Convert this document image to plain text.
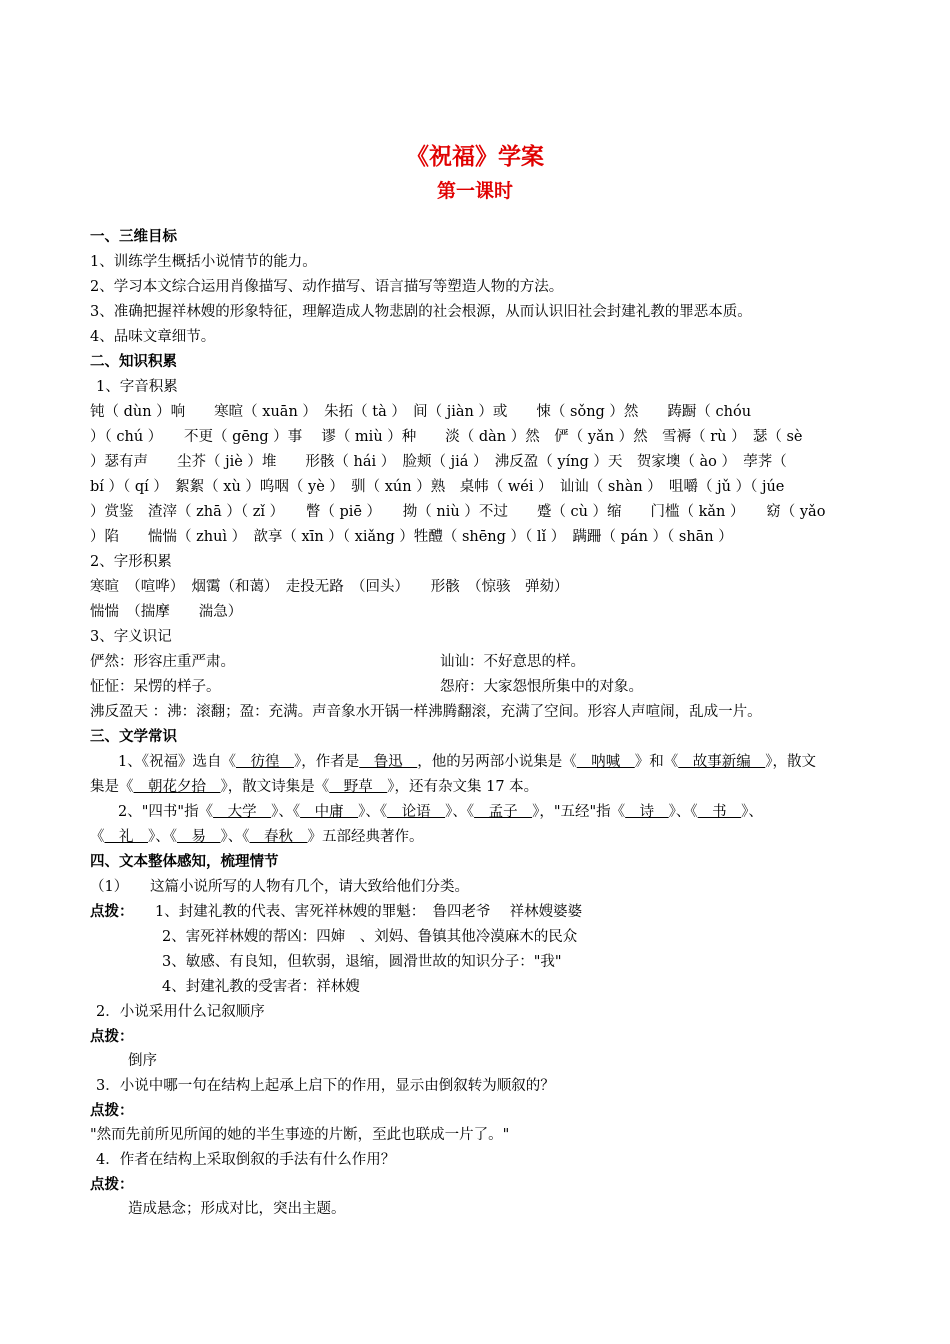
《祝福》学案
第一课时
一、三维目标
1、训练学生概括小说情节的能力。
2、学习本文综合运用肖像描写、动作描写、语言描写等塑造人物的方法。
3、准确把握祥林嫂的形象特征，理解造成人物悲剧的社会根源，从而认识旧社会封建礼教的罪恶本质。
4、品味文章细节。
二、知识积累
1、字音积累
钝（ dùn ）响　　寒暄（ xuān ）　朱拓（ tà ）　间（ jiàn ）或　　悚（ sǒng ）然　　踌蹰（ chóu
）（ chú ）　　不更（ gēng ）事　 谬（ miù ）种　　淡（ dàn ）然　俨（ yǎn ）然　雪褥（ rù ）　瑟（ sè
）瑟有声　　尘芥（ jiè ）堆　　形骸（ hái ）　脸颊（ jiá ）　沸反盈（ yíng ）天　贺家墺（ ào ）　荸荠（
bí ）（ qí ）　絮絮（ xù ）呜咽（ yè ）　驯（ xún ）熟　桌帏（ wéi ）　讪讪（ shàn ）　咀嚼（ jǔ ）（ júe
）赏鉴　渣滓（ zhā ）（ zǐ ）　　瞥（ piē ）　　拗（ niù ）不过　　蹙（ cù ）缩　　门槛（ kǎn ）　　窈（ yǎo
）陷　　惴惴（ zhuì ）　歆享（ xīn ）（ xiǎng ）牲醴（ shēng ）（ lǐ ）　蹒跚（ pán ）（ shān ）
2、字形积累
寒暄　（喧哗）　烟霭（和蔼）　走投无路　（回头）　　形骸　（惊骇　弹劾）
惴惴　（揣摩　　湍急）
3、字义识记
俨然：形容庄重严肃。	讪讪：不好意思的样。
怔怔：呆愣的样子。	怨府：大家怨恨所集中的对象。
沸反盈天 ：沸：滚翻；盈：充满。声音象水开锅一样沸腾翻滚，充满了空间。形容人声喧闹，乱成一片。
三、文学常识
1、《祝福》选自《　彷徨　》，作者是　鲁迅　，他的另两部小说集是《　呐喊　》和《　故事新编　》，散文
集是《　朝花夕拾　》，散文诗集是《　野草　》，还有杂文集 17 本。
2、"四书"指《　大学　》、《　中庸　》、《　论语　》、《　孟子　》，"五经"指《　诗　》、《　书　》、
《　礼　》、《　易　》、《　春秋　》五部经典著作。
四、文本整体感知，梳理情节
（1）　　这篇小说所写的人物有几个，请大致给他们分类。
点拨： 1、封建礼教的代表、害死祥林嫂的罪魁：　鲁四老爷　 祥林嫂婆婆
2、害死祥林嫂的帮凶：四婶　、刘妈、鲁镇其他冷漠麻木的民众
3、敏感、有良知，但软弱，退缩，圆滑世故的知识分子："我"
4、封建礼教的受害者：祥林嫂
2．小说采用什么记叙顺序
点拨：
倒序
3．小说中哪一句在结构上起承上启下的作用，显示由倒叙转为顺叙的？
点拨：
"然而先前所见所闻的她的半生事迹的片断，至此也联成一片了。"
4．作者在结构上采取倒叙的手法有什么作用？
点拨：
造成悬念；形成对比，突出主题。
